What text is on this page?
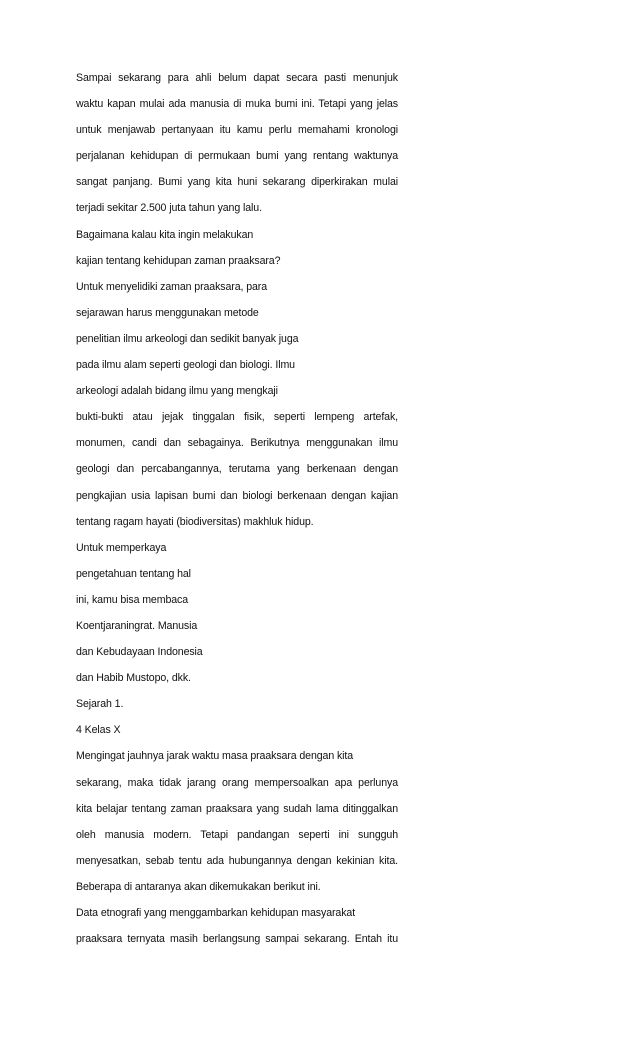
Sampai sekarang para ahli belum dapat secara pasti menunjuk

waktu kapan mulai ada manusia di muka bumi ini. Tetapi yang jelas

untuk menjawab pertanyaan itu kamu perlu memahami kronologi

perjalanan kehidupan di permukaan bumi yang rentang waktunya

sangat panjang. Bumi yang kita huni sekarang diperkirakan mulai

terjadi sekitar 2.500 juta tahun yang lalu.

Bagaimana kalau kita ingin melakukan

kajian tentang kehidupan zaman praaksara?

Untuk menyelidiki zaman praaksara, para

sejarawan harus menggunakan metode

penelitian ilmu arkeologi dan sedikit banyak juga

pada ilmu alam seperti geologi dan biologi. Ilmu

arkeologi adalah bidang ilmu yang mengkaji

bukti-bukti atau jejak tinggalan fisik, seperti lempeng artefak,

monumen, candi dan sebagainya. Berikutnya menggunakan ilmu

geologi dan percabangannya, terutama yang berkenaan dengan

pengkajian usia lapisan bumi dan biologi berkenaan dengan kajian

tentang ragam hayati (biodiversitas) makhluk hidup.

Untuk memperkaya

pengetahuan tentang hal

ini, kamu bisa membaca

Koentjaraningrat. Manusia

dan Kebudayaan Indonesia

dan Habib Mustopo, dkk.

Sejarah 1.

4 Kelas X

Mengingat jauhnya jarak waktu masa praaksara dengan kita

sekarang, maka tidak jarang orang mempersoalkan apa perlunya

kita belajar tentang zaman praaksara yang sudah lama ditinggalkan

oleh manusia modern. Tetapi pandangan seperti ini sungguh

menyesatkan, sebab tentu ada hubungannya dengan kekinian kita.

Beberapa di antaranya akan dikemukakan berikut ini.

Data etnografi yang menggambarkan kehidupan masyarakat

praaksara ternyata masih berlangsung sampai sekarang. Entah itu
